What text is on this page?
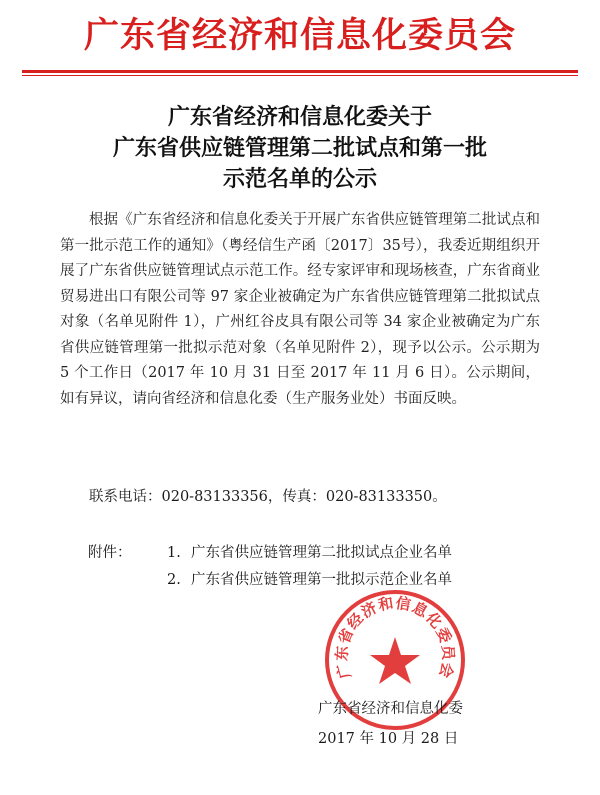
广东省经济和信息化委员会
广东省经济和信息化委关于
广东省供应链管理第二批试点和第一批
示范名单的公示
根据《广东省经济和信息化委关于开展广东省供应链管理第二批试点和第一批示范工作的通知》（粤经信生产函〔2017〕35号），我委近期组织开展了广东省供应链管理试点示范工作。经专家评审和现场核查，广东省商业贸易进出口有限公司等 97 家企业被确定为广东省供应链管理第二批拟试点对象（名单见附件 1），广州红谷皮具有限公司等 34 家企业被确定为广东省供应链管理第一批拟示范对象（名单见附件 2），现予以公示。公示期为 5 个工作日（2017 年 10 月 31 日至 2017 年 11 月 6 日）。公示期间，如有异议，请向省经济和信息化委（生产服务业处）书面反映。
联系电话：020-83133356，传真：020-83133350。
附件： 1. 广东省供应链管理第二批拟试点企业名单
2. 广东省供应链管理第一批拟示范企业名单
广东省经济和信息化委员会
广东省经济和信息化委
2017 年 10 月 28 日
